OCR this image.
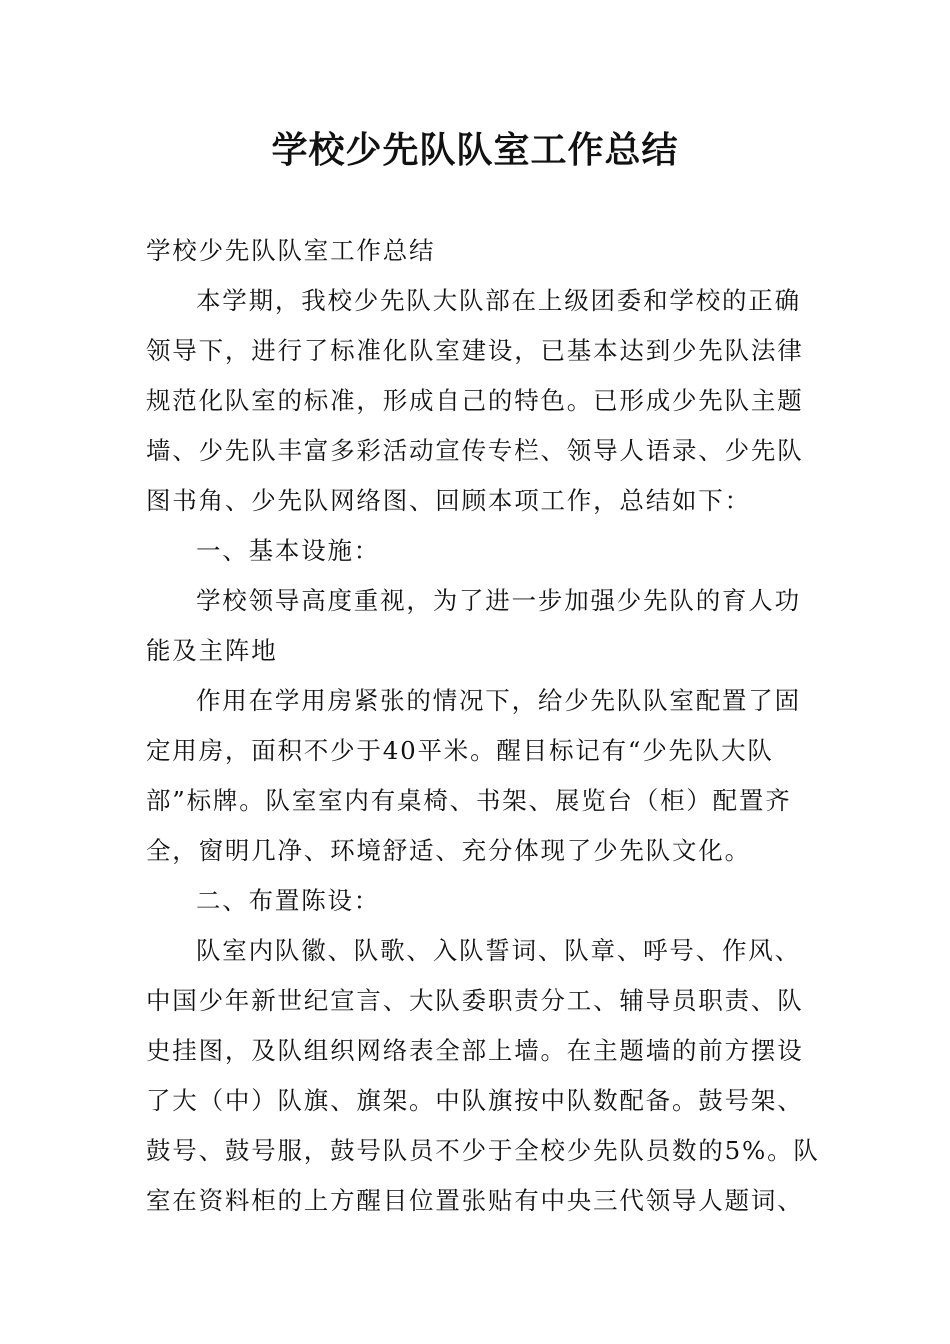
学校少先队队室工作总结
学校少先队队室工作总结
本学期，我校少先队大队部在上级团委和学校的正确
领导下，进行了标准化队室建设，已基本达到少先队法律
规范化队室的标准，形成自己的特色。已形成少先队主题
墙、少先队丰富多彩活动宣传专栏、领导人语录、少先队
图书角、少先队网络图、回顾本项工作，总结如下：
一、基本设施：
学校领导高度重视，为了进一步加强少先队的育人功
能及主阵地
作用在学用房紧张的情况下，给少先队队室配置了固
定用房，面积不少于40平米。醒目标记有“少先队大队
部”标牌。队室室内有桌椅、书架、展览台（柜）配置齐
全，窗明几净、环境舒适、充分体现了少先队文化。
二、布置陈设：
队室内队徽、队歌、入队誓词、队章、呼号、作风、
中国少年新世纪宣言、大队委职责分工、辅导员职责、队
史挂图，及队组织网络表全部上墙。在主题墙的前方摆设
了大（中）队旗、旗架。中队旗按中队数配备。鼓号架、
鼓号、鼓号服，鼓号队员不少于全校少先队员数的5%。队
室在资料柜的上方醒目位置张贴有中央三代领导人题词、
